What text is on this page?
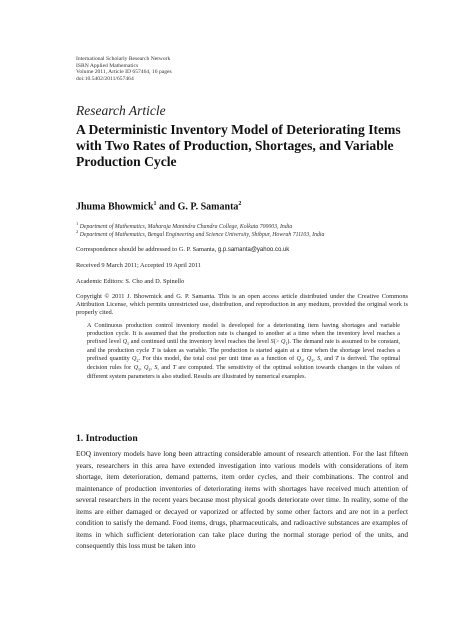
International Scholarly Research Network
ISRN Applied Mathematics
Volume 2011, Article ID 657464, 16 pages
doi:10.5402/2011/657464
Research Article
A Deterministic Inventory Model of Deteriorating Items with Two Rates of Production, Shortages, and Variable Production Cycle
Jhuma Bhowmick$^1$ and G. P. Samanta$^2$
$^1$ Department of Mathematics, Maharaja Manindra Chandra College, Kolkata 700003, India
$^2$ Department of Mathematics, Bengal Engineering and Science University, Shibpur, Howrah 711103, India
Correspondence should be addressed to G. P. Samanta, g.p.samanta@yahoo.co.uk
Received 9 March 2011; Accepted 19 April 2011
Academic Editors: S. Cho and D. Spinello
Copyright © 2011 J. Bhowmick and G. P. Samanta. This is an open access article distributed under the Creative Commons Attribution License, which permits unrestricted use, distribution, and reproduction in any medium, provided the original work is properly cited.
A Continuous production control inventory model is developed for a deteriorating item having shortages and variable production cycle. It is assumed that the production rate is changed to another at a time when the inventory level reaches a prefixed level $Q_1$ and continued until the inventory level reaches the level $S(> Q_1)$. The demand rate is assumed to be constant, and the production cycle T is taken as variable. The production is started again at a time when the shortage level reaches a prefixed quantity $Q_2$. For this model, the total cost per unit time as a function of $Q_1$, $Q_2$, S, and T is derived. The optimal decision rules for $Q_1$, $Q_2$, S, and T are computed. The sensitivity of the optimal solution towards changes in the values of different system parameters is also studied. Results are illustrated by numerical examples.
1. Introduction
EOQ inventory models have long been attracting considerable amount of research attention. For the last fifteen years, researchers in this area have extended investigation into various models with considerations of item shortage, item deterioration, demand patterns, item order cycles, and their combinations. The control and maintenance of production inventories of deteriorating items with shortages have received much attention of several researchers in the recent years because most physical goods deteriorate over time. In reality, some of the items are either damaged or decayed or vaporized or affected by some other factors and are not in a perfect condition to satisfy the demand. Food items, drugs, pharmaceuticals, and radioactive substances are examples of items in which sufficient deterioration can take place during the normal storage period of the units, and consequently this loss must be taken into
